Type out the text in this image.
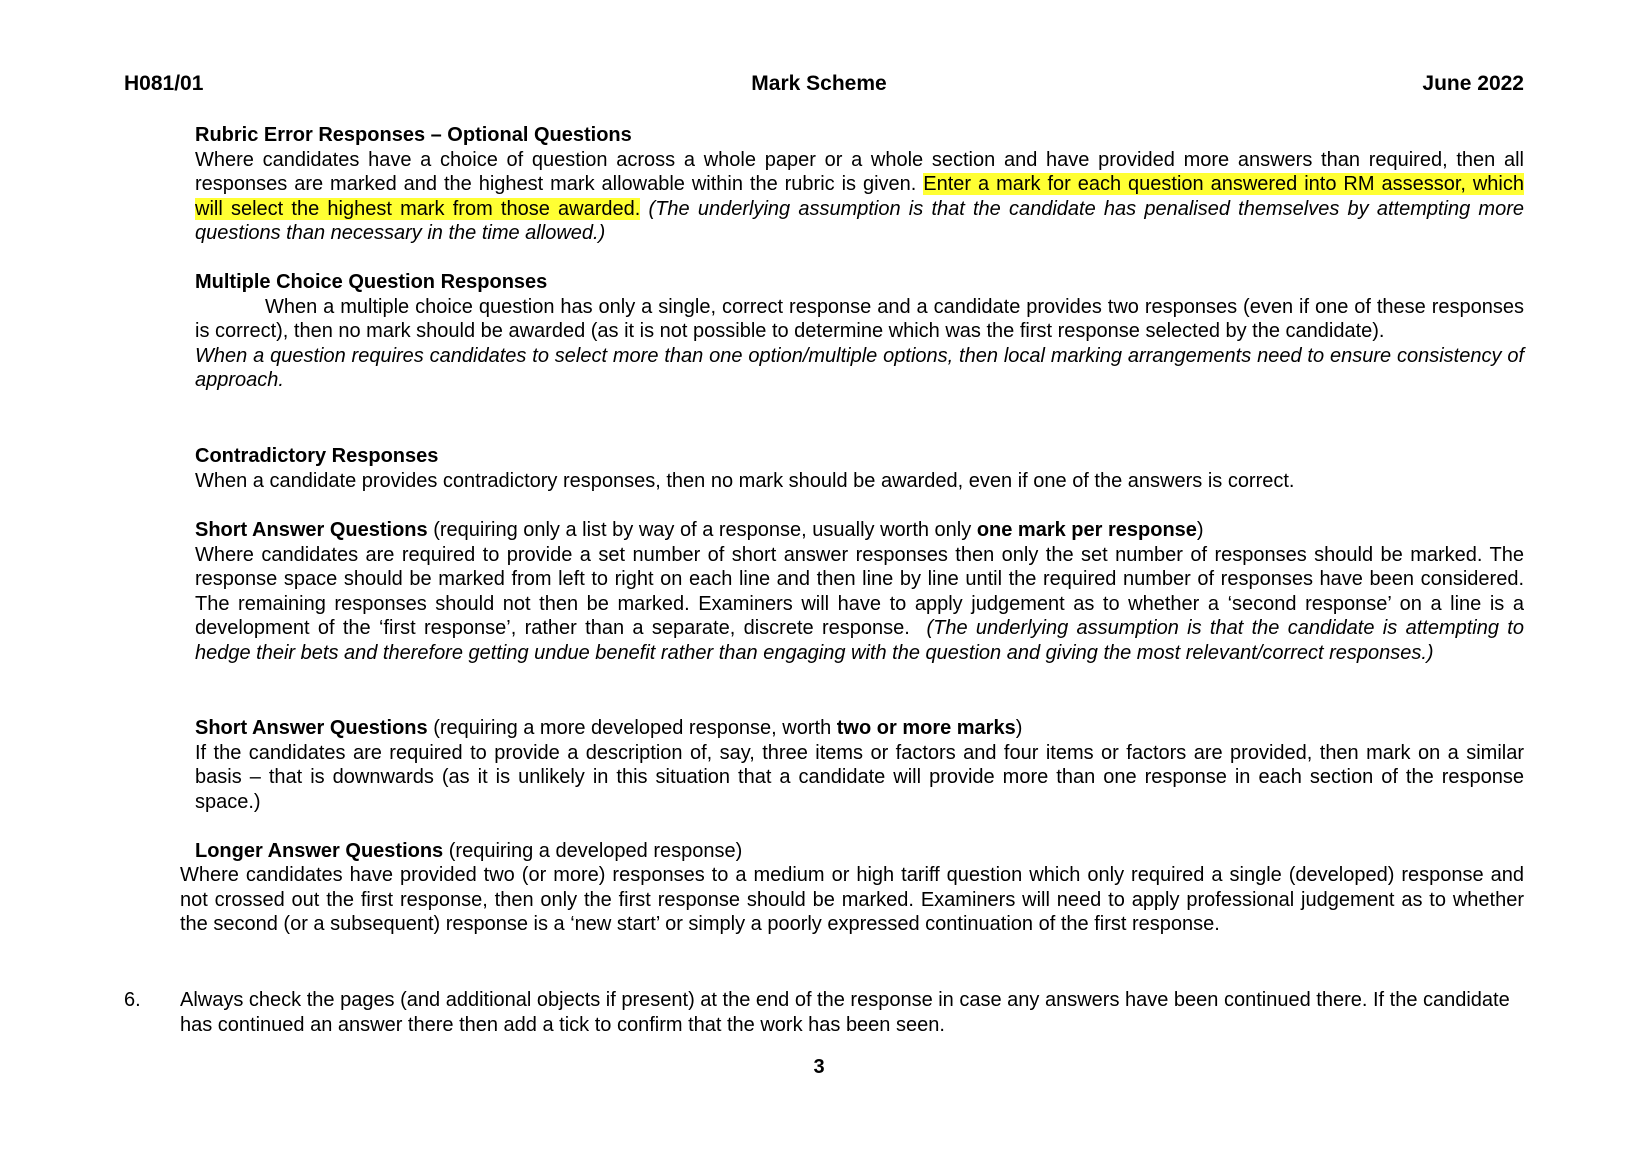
H081/01	Mark Scheme	June 2022
Rubric Error Responses – Optional Questions
Where candidates have a choice of question across a whole paper or a whole section and have provided more answers than required, then all responses are marked and the highest mark allowable within the rubric is given. Enter a mark for each question answered into RM assessor, which will select the highest mark from those awarded. (The underlying assumption is that the candidate has penalised themselves by attempting more questions than necessary in the time allowed.)
Multiple Choice Question Responses
When a multiple choice question has only a single, correct response and a candidate provides two responses (even if one of these responses is correct), then no mark should be awarded (as it is not possible to determine which was the first response selected by the candidate).
When a question requires candidates to select more than one option/multiple options, then local marking arrangements need to ensure consistency of approach.
Contradictory Responses
When a candidate provides contradictory responses, then no mark should be awarded, even if one of the answers is correct.
Short Answer Questions (requiring only a list by way of a response, usually worth only one mark per response)
Where candidates are required to provide a set number of short answer responses then only the set number of responses should be marked. The response space should be marked from left to right on each line and then line by line until the required number of responses have been considered. The remaining responses should not then be marked. Examiners will have to apply judgement as to whether a ‘second response’ on a line is a development of the ‘first response’, rather than a separate, discrete response. (The underlying assumption is that the candidate is attempting to hedge their bets and therefore getting undue benefit rather than engaging with the question and giving the most relevant/correct responses.)
Short Answer Questions (requiring a more developed response, worth two or more marks)
If the candidates are required to provide a description of, say, three items or factors and four items or factors are provided, then mark on a similar basis – that is downwards (as it is unlikely in this situation that a candidate will provide more than one response in each section of the response space.)
Longer Answer Questions (requiring a developed response)
Where candidates have provided two (or more) responses to a medium or high tariff question which only required a single (developed) response and not crossed out the first response, then only the first response should be marked. Examiners will need to apply professional judgement as to whether the second (or a subsequent) response is a ‘new start’ or simply a poorly expressed continuation of the first response.
6. Always check the pages (and additional objects if present) at the end of the response in case any answers have been continued there. If the candidate has continued an answer there then add a tick to confirm that the work has been seen.
3
